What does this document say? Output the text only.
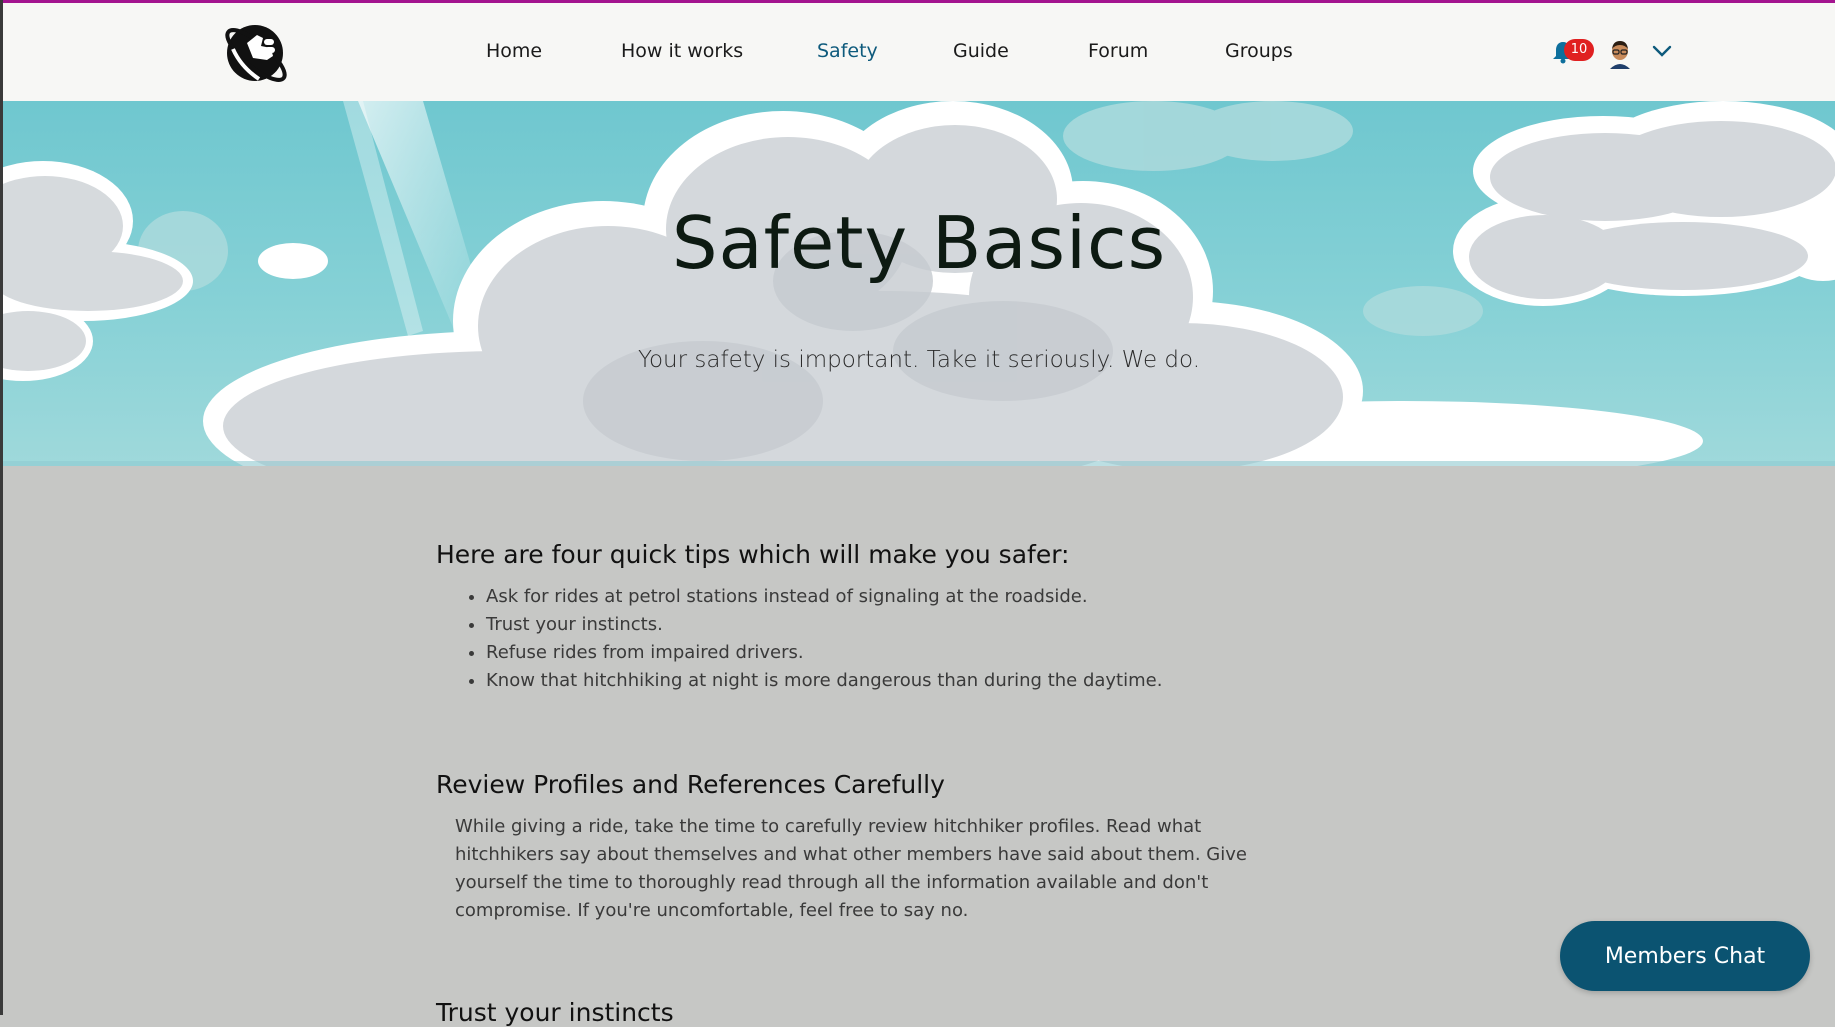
Home	How it works	Safety	Guide	Forum	Groups	10
Safety Basics

Your safety is important. Take it seriously. We do.

Here are four quick tips which will make you safer:
• Ask for rides at petrol stations instead of signaling at the roadside.
• Trust your instincts.
• Refuse rides from impaired drivers.
• Know that hitchhiking at night is more dangerous than during the daytime.
Review Profiles and References Carefully

While giving a ride, take the time to carefully review hitchhiker profiles. Read what hitchhikers say about themselves and what other members have said about them. Give yourself the time to thoroughly read through all the information available and don't compromise. If you're uncomfortable, feel free to say no.

Trust your instincts
Members Chat
